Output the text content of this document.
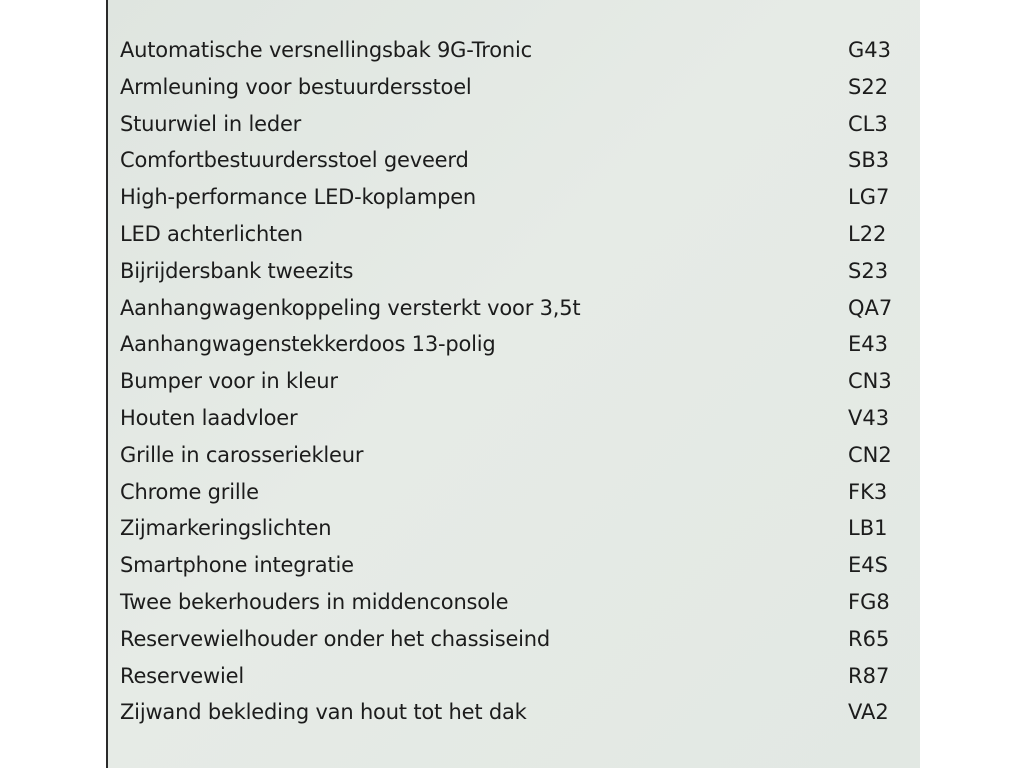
Automatische versnellingsbak 9G-Tronic	G43
Armleuning voor bestuurdersstoel	S22
Stuurwiel in leder	CL3
Comfortbestuurdersstoel geveerd	SB3
High-performance LED-koplampen	LG7
LED achterlichten	L22
Bijrijdersbank tweezits	S23
Aanhangwagenkoppeling versterkt voor 3,5t	QA7
Aanhangwagenstekkerdoos 13-polig	E43
Bumper voor in kleur	CN3
Houten laadvloer	V43
Grille in carosseriekleur	CN2
Chrome grille	FK3
Zijmarkeringslichten	LB1
Smartphone integratie	E4S
Twee bekerhouders in middenconsole	FG8
Reservewielhouder onder het chassiseind	R65
Reservewiel	R87
Zijwand bekleding van hout tot het dak	VA2
